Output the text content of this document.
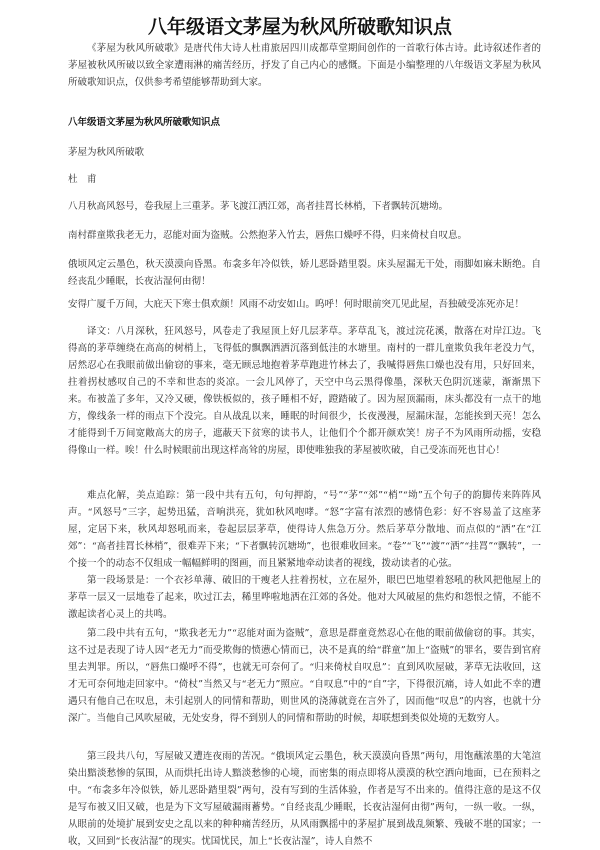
八年级语文茅屋为秋风所破歌知识点

《茅屋为秋风所破歌》是唐代伟大诗人杜甫旅居四川成都草堂期间创作的一首歌行体古诗。此诗叙述作者的茅屋被秋风所破以致全家遭雨淋的痛苦经历，抒发了自己内心的感慨。下面是小编整理的八年级语文茅屋为秋风所破歌知识点，仅供参考希望能够帮助到大家。

八年级语文茅屋为秋风所破歌知识点

茅屋为秋风所破歌

杜　甫

八月秋高风怒号，卷我屋上三重茅。茅飞渡江洒江郊，高者挂罥长林梢，下者飘转沉塘坳。

南村群童欺我老无力，忍能对面为盗贼。公然抱茅入竹去，唇焦口燥呼不得，归来倚杖自叹息。

俄顷风定云墨色，秋天漠漠向昏黑。布衾多年冷似铁，娇儿恶卧踏里裂。床头屋漏无干处，雨脚如麻未断绝。自经丧乱少睡眠，长夜沾湿何由彻！

安得广厦千万间，大庇天下寒士俱欢颜！风雨不动安如山。呜呼！何时眼前突兀见此屋，吾独破受冻死亦足！

译文：八月深秋，狂风怒号，风卷走了我屋顶上好几层茅草。茅草乱飞，渡过浣花溪，散落在对岸江边。飞得高的茅草缠绕在高高的树梢上，飞得低的飘飘洒洒沉落到低洼的水塘里。南村的一群儿童欺负我年老没力气，居然忍心在我眼前做出偷窃的事来，毫无顾忌地抱着茅草跑进竹林去了，我喊得唇焦口燥也没有用，只好回来，拄着拐杖感叹自己的不幸和世态的炎凉。一会儿风停了，天空中乌云黑得像墨，深秋天色阴沉迷蒙，渐渐黑下来。布被盖了多年，又冷又硬，像铁板似的，孩子睡相不好，蹬踏破了。因为屋顶漏雨，床头都没有一点干的地方，像线条一样的雨点下个没完。自从战乱以来，睡眠的时间很少，长夜漫漫，屋漏床湿，怎能挨到天亮！怎么才能得到千万间宽敞高大的房子，遮蔽天下贫寒的读书人，让他们个个都开颜欢笑！房子不为风雨所动摇，安稳得像山一样。唉！什么时候眼前出现这样高耸的房屋，即使唯独我的茅屋被吹破，自己受冻而死也甘心！

难点化解，美点追踪：第一段中共有五句，句句押韵，“号”“茅”“郊”“梢”“坳”五个句子的韵脚传来阵阵风声。“风怒号”三字，起势迅猛，音响洪亮，犹如秋风咆哮。“怒”字富有浓烈的感情色彩：好不容易盖了这座茅屋，定居下来，秋风却怒吼而来，卷起层层茅草，使得诗人焦急万分。然后茅草分散地、而点似的“洒”在“江郊”：“高者挂罥长林梢”，很难弄下来；“下者飘转沉塘坳”，也很难收回来。“卷”“飞”“渡”“洒”“挂罥”“飘转”，一个接一个的动态不仅组成一幅幅鲜明的图画，而且紧紧地牵动读者的视线，拨动读者的心弦。

第一段场景是：一个衣衫单薄、破旧的干瘦老人拄着拐杖，立在屋外，眼巴巴地望着怒吼的秋风把他屋上的茅草一层又一层地卷了起来，吹过江去，稀里哗啦地洒在江郊的各处。他对大风破屋的焦灼和怨恨之情，不能不激起读者心灵上的共鸣。

第二段中共有五句，“欺我老无力”“忍能对面为盗贼”，意思是群童竟然忍心在他的眼前做偷窃的事。其实，这不过是表现了诗人因“老无力”而受欺侮的愤懑心情而已，决不是真的给“群童”加上“盗贼”的罪名，要告到官府里去判罪。所以，“唇焦口燥呼不得”，也就无可奈何了。“归来倚杖自叹息”：直到风吹屋破，茅草无法收回，这才无可奈何地走回家中。“倚杖”当然又与“老无力”照应。“自叹息”中的“自”字，下得很沉痛，诗人如此不幸的遭遇只有他自己在叹息，未引起别人的同情和帮助，则世风的浇薄就竟在言外了，因而他“叹息”的内容，也就十分深广。当他自己风吹屋破，无处安身，得不到别人的同情和帮助的时候，却联想到类似处境的无数穷人。

第三段共八句，写屋破又遭连夜雨的苦况。“俄顷风定云墨色，秋天漠漠向昏黑”两句，用饱蘸浓墨的大笔渲染出黯淡愁惨的氛围，从而烘托出诗人黯淡愁惨的心境，而密集的雨点即将从漠漠的秋空洒向地面，已在预料之中。“布衾多年冷似铁，娇儿恶卧踏里裂”两句，没有写到的生活体验，作者是写不出来的。值得注意的是这不仅是写布被又旧又破，也是为下文写屋破漏雨蓄势。“自经丧乱少睡眠，长夜沾湿何由彻”两句，一纵一收。一纵，从眼前的处境扩展到安史之乱以来的种种痛苦经历，从风雨飘摇中的茅屋扩展到战乱频繁、残破不堪的国家；一收，又回到“长夜沾湿”的现实。忧国忧民，加上“长夜沾湿”，诗人自然不
